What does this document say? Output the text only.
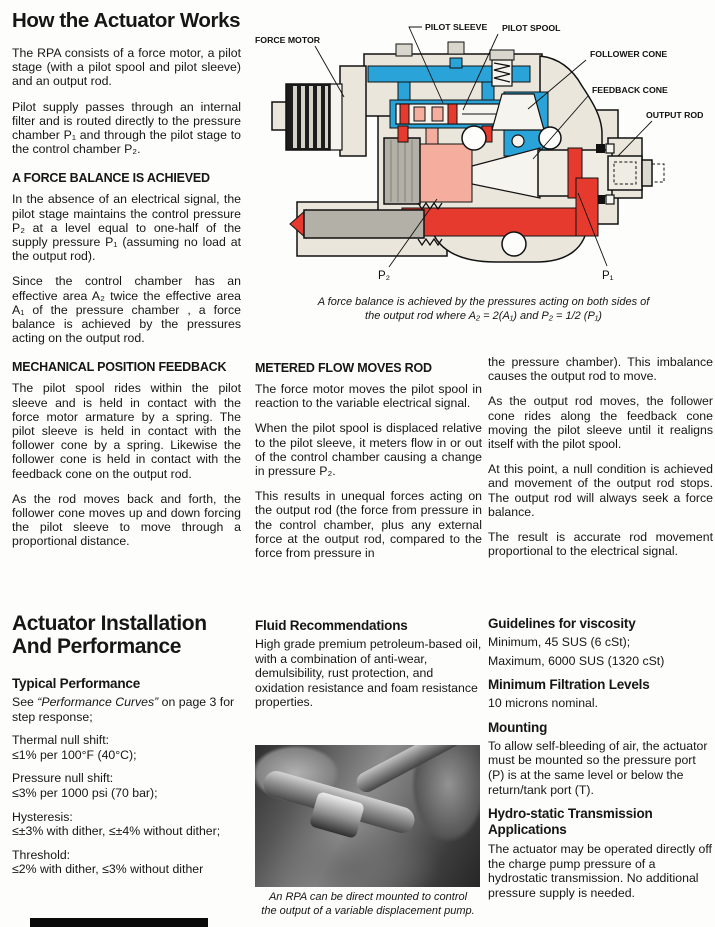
How the Actuator Works

The RPA consists of a force motor, a pilot stage (with a pilot spool and pilot sleeve) and an output rod.

Pilot supply passes through an internal filter and is routed directly to the pressure chamber P₁ and through the pilot stage to the control chamber P₂.

A FORCE BALANCE IS ACHIEVED

In the absence of an electrical signal, the pilot stage maintains the control pressure P₂ at a level equal to one-half of the supply pressure P₁ (assuming no load at the output rod).

Since the control chamber has an effective area A₂ twice the effective area A₁ of the pressure chamber , a force balance is achieved by the pressures acting on the output rod.

MECHANICAL POSITION FEEDBACK

The pilot spool rides within the pilot sleeve and is held in contact with the force motor armature by a spring. The pilot sleeve is held in contact with the follower cone by a spring. Likewise the follower cone is held in contact with the feedback cone on the output rod.

As the rod moves back and forth, the follower cone moves up and down forcing the pilot sleeve to move through a proportional distance.

FORCE MOTOR
PILOT SLEEVE PILOT SPOOL
FOLLOWER CONE
FEEDBACK CONE
OUTPUT ROD
P₂	P₁
A force balance is achieved by the pressures acting on both sides of
the output rod where A₂ = 2(A₁) and P₂ = 1/2 (P₁)
METERED FLOW MOVES ROD

The force motor moves the pilot spool in reaction to the variable electrical signal.

When the pilot spool is displaced relative to the pilot sleeve, it meters flow in or out of the control chamber causing a change in pressure P₂.

This results in unequal forces acting on the output rod (the force from pressure in the control chamber, plus any external force at the output rod, compared to the force from pressure in

the pressure chamber). This imbalance causes the output rod to move.

As the output rod moves, the follower cone rides along the feedback cone moving the pilot sleeve until it realigns itself with the pilot spool.

At this point, a null condition is achieved and movement of the output rod stops. The output rod will always seek a force balance.

The result is accurate rod movement proportional to the electrical signal.

Actuator Installation
And Performance
Typical Performance

See “Performance Curves” on page 3 for step response;

Thermal null shift:
≤1% per 100°F (40°C);
Pressure null shift:
≤3% per 1000 psi (70 bar);
Hysteresis:
≤±3% with dither, ≤±4% without dither;
Threshold:
≤2% with dither, ≤3% without dither
Fluid Recommendations

High grade premium petroleum-based oil, with a combination of anti-wear, demulsibility, rust protection, and oxidation resistance and foam resistance properties.

An RPA can be direct mounted to control
the output of a variable displacement pump.
Guidelines for viscosity

Minimum, 45 SUS (6 cSt);

Maximum, 6000 SUS (1320 cSt)

Minimum Filtration Levels

10 microns nominal.

Mounting

To allow self-bleeding of air, the actuator must be mounted so the pressure port (P) is at the same level or below the return/tank port (T).

Hydro-static Transmission Applications

The actuator may be operated directly off the charge pump pressure of a hydrostatic transmission. No additional pressure supply is needed.
